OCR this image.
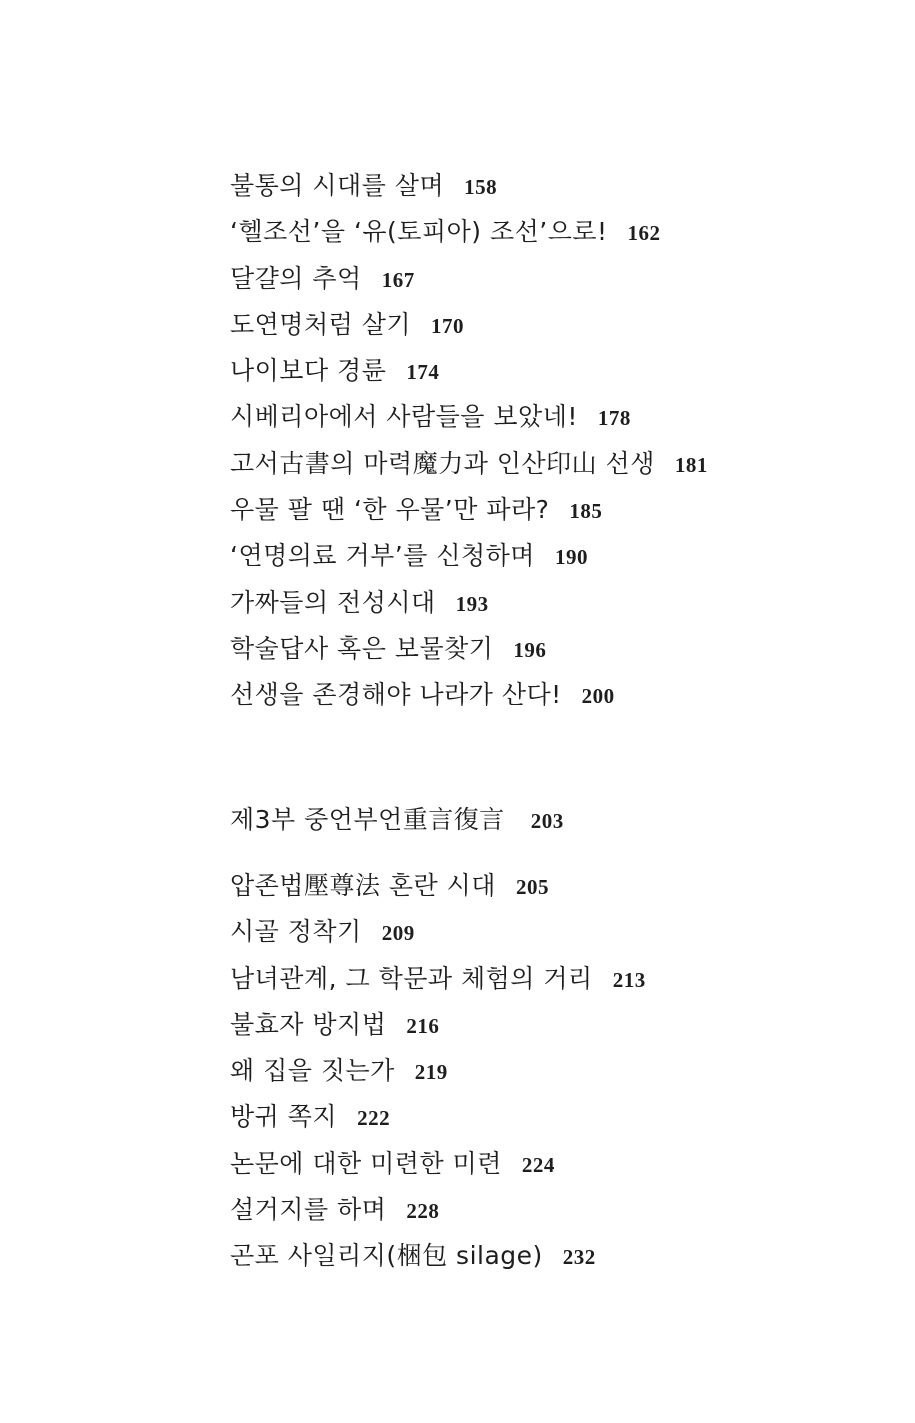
불통의 시대를 살며 158
‘헬조선’을 ‘유(토피아) 조선’으로! 162
달걀의 추억 167
도연명처럼 살기 170
나이보다 경륜 174
시베리아에서 사람들을 보았네! 178
고서古書의 마력魔力과 인산印山 선생 181
우물 팔 땐 ‘한 우물’만 파라? 185
‘연명의료 거부’를 신청하며 190
가짜들의 전성시대 193
학술답사 혹은 보물찾기 196
선생을 존경해야 나라가 산다! 200
제3부 중언부언重言復言 203
압존법壓尊法 혼란 시대 205
시골 정착기 209
남녀관계, 그 학문과 체험의 거리 213
불효자 방지법 216
왜 집을 짓는가 219
방귀 쪽지 222
논문에 대한 미련한 미련 224
설거지를 하며 228
곤포 사일리지(梱包 silage) 232
